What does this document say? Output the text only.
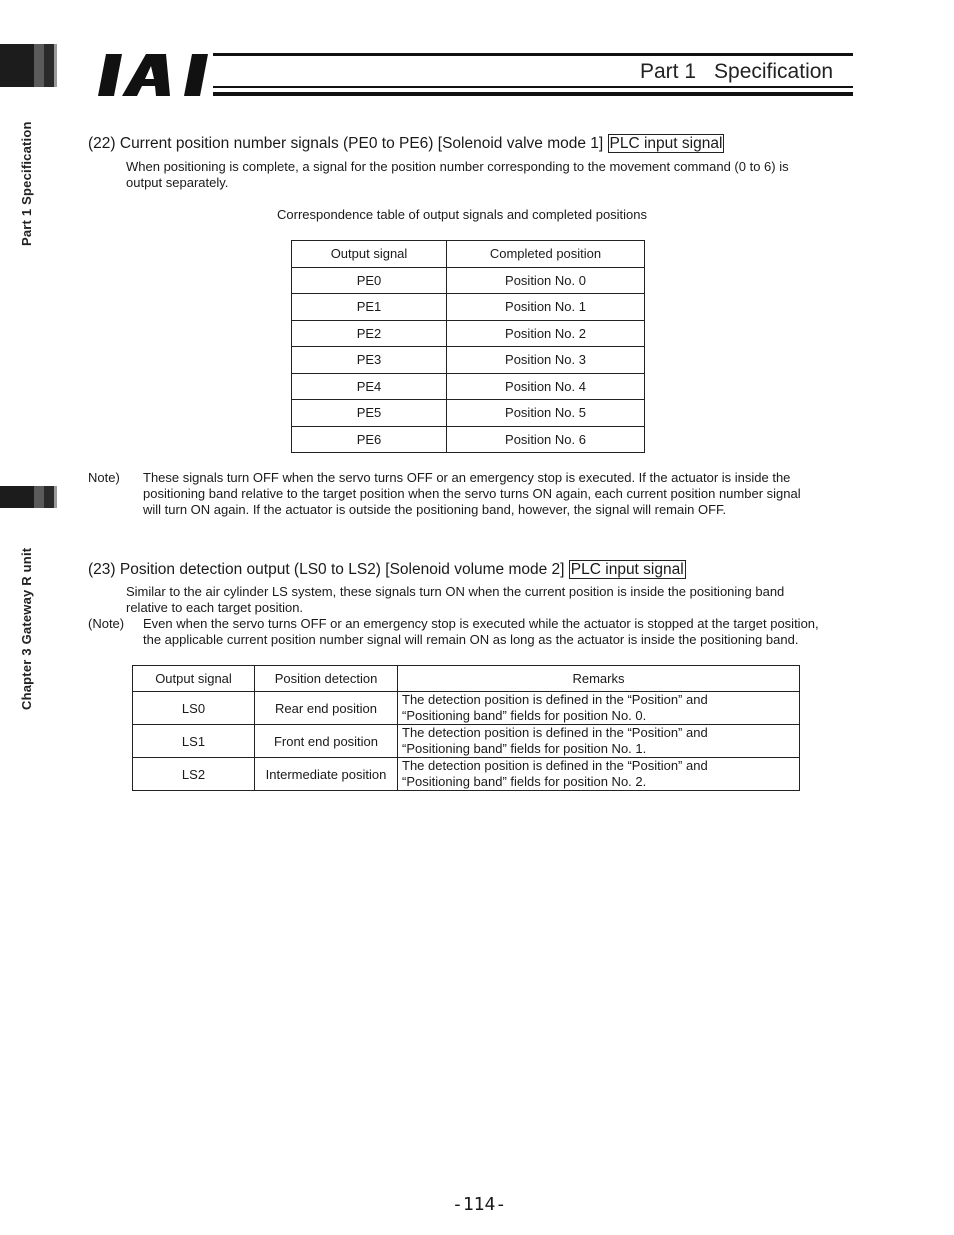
Part 1 Specification
Chapter 3 Gateway R unit
Part 1 Specification
(22) Current position number signals (PE0 to PE6) [Solenoid valve mode 1] PLC input signal
When positioning is complete, a signal for the position number corresponding to the movement command (0 to 6) is
output separately.
Correspondence table of output signals and completed positions
Output signal	Completed position
PE0	Position No. 0
PE1	Position No. 1
PE2	Position No. 2
PE3	Position No. 3
PE4	Position No. 4
PE5	Position No. 5
PE6	Position No. 6
Note) These signals turn OFF when the servo turns OFF or an emergency stop is executed. If the actuator is inside the
positioning band relative to the target position when the servo turns ON again, each current position number signal
will turn ON again. If the actuator is outside the positioning band, however, the signal will remain OFF.
(23) Position detection output (LS0 to LS2) [Solenoid volume mode 2] PLC input signal
Similar to the air cylinder LS system, these signals turn ON when the current position is inside the positioning band
relative to each target position.
(Note) Even when the servo turns OFF or an emergency stop is executed while the actuator is stopped at the target position,
the applicable current position number signal will remain ON as long as the actuator is inside the positioning band.
Output signal	Position detection	Remarks
LS0	Rear end position	The detection position is defined in the “Position” and
“Positioning band” fields for position No. 0.

LS1	Front end position	The detection position is defined in the “Position” and
“Positioning band” fields for position No. 1.

LS2	Intermediate position	The detection position is defined in the “Position” and
“Positioning band” fields for position No. 2.
-114-
